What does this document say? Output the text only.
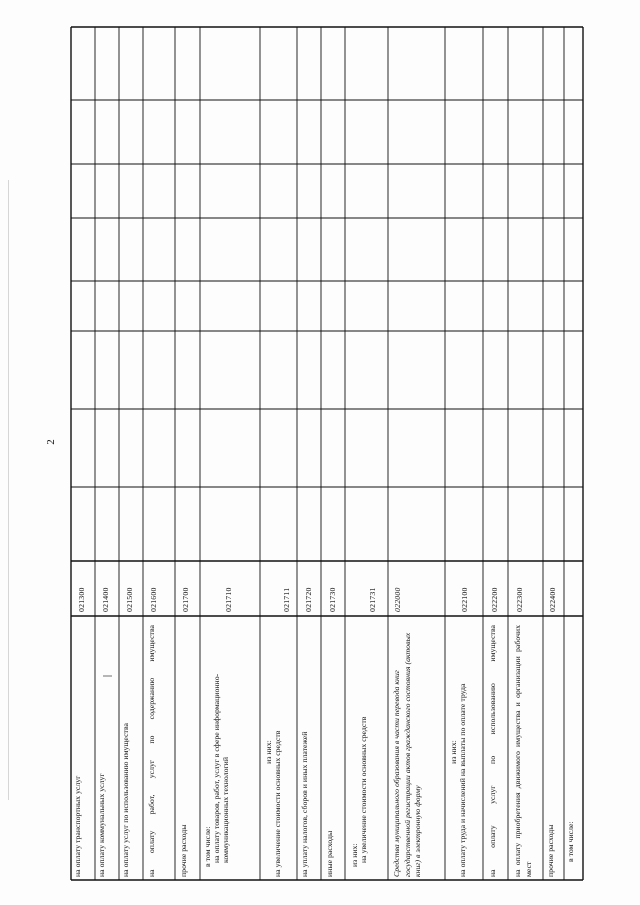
2
на оплату транспортных услуг
021300
на оплату коммунальных услуг
021400
на оплату услуг по использованию имущества
021500
на оплату работ, услуг по содержанию имущества
021600
прочие расходы
021700
в том числе: на оплату товаров, работ, услуг в сфере информационно-коммуникационных технологий
021710
из них: на увеличение стоимости основных средств
021711
на уплату налогов, сборов и иных платежей
021720
иные расходы
021730
из них: на увеличение стоимости основных средств
021731
Средства муниципального образования в части перевода книг государственной регистрации актов гражданского состояния (актовых книг) в электронную форму
022000
из них: на оплату труда и начислений на выплаты по оплате труда
022100
на оплату услуг по использованию имущества
022200
на оплату приобретения движимого имущества и организации рабочих мест
022300
прочие расходы
022400
в том числе:
